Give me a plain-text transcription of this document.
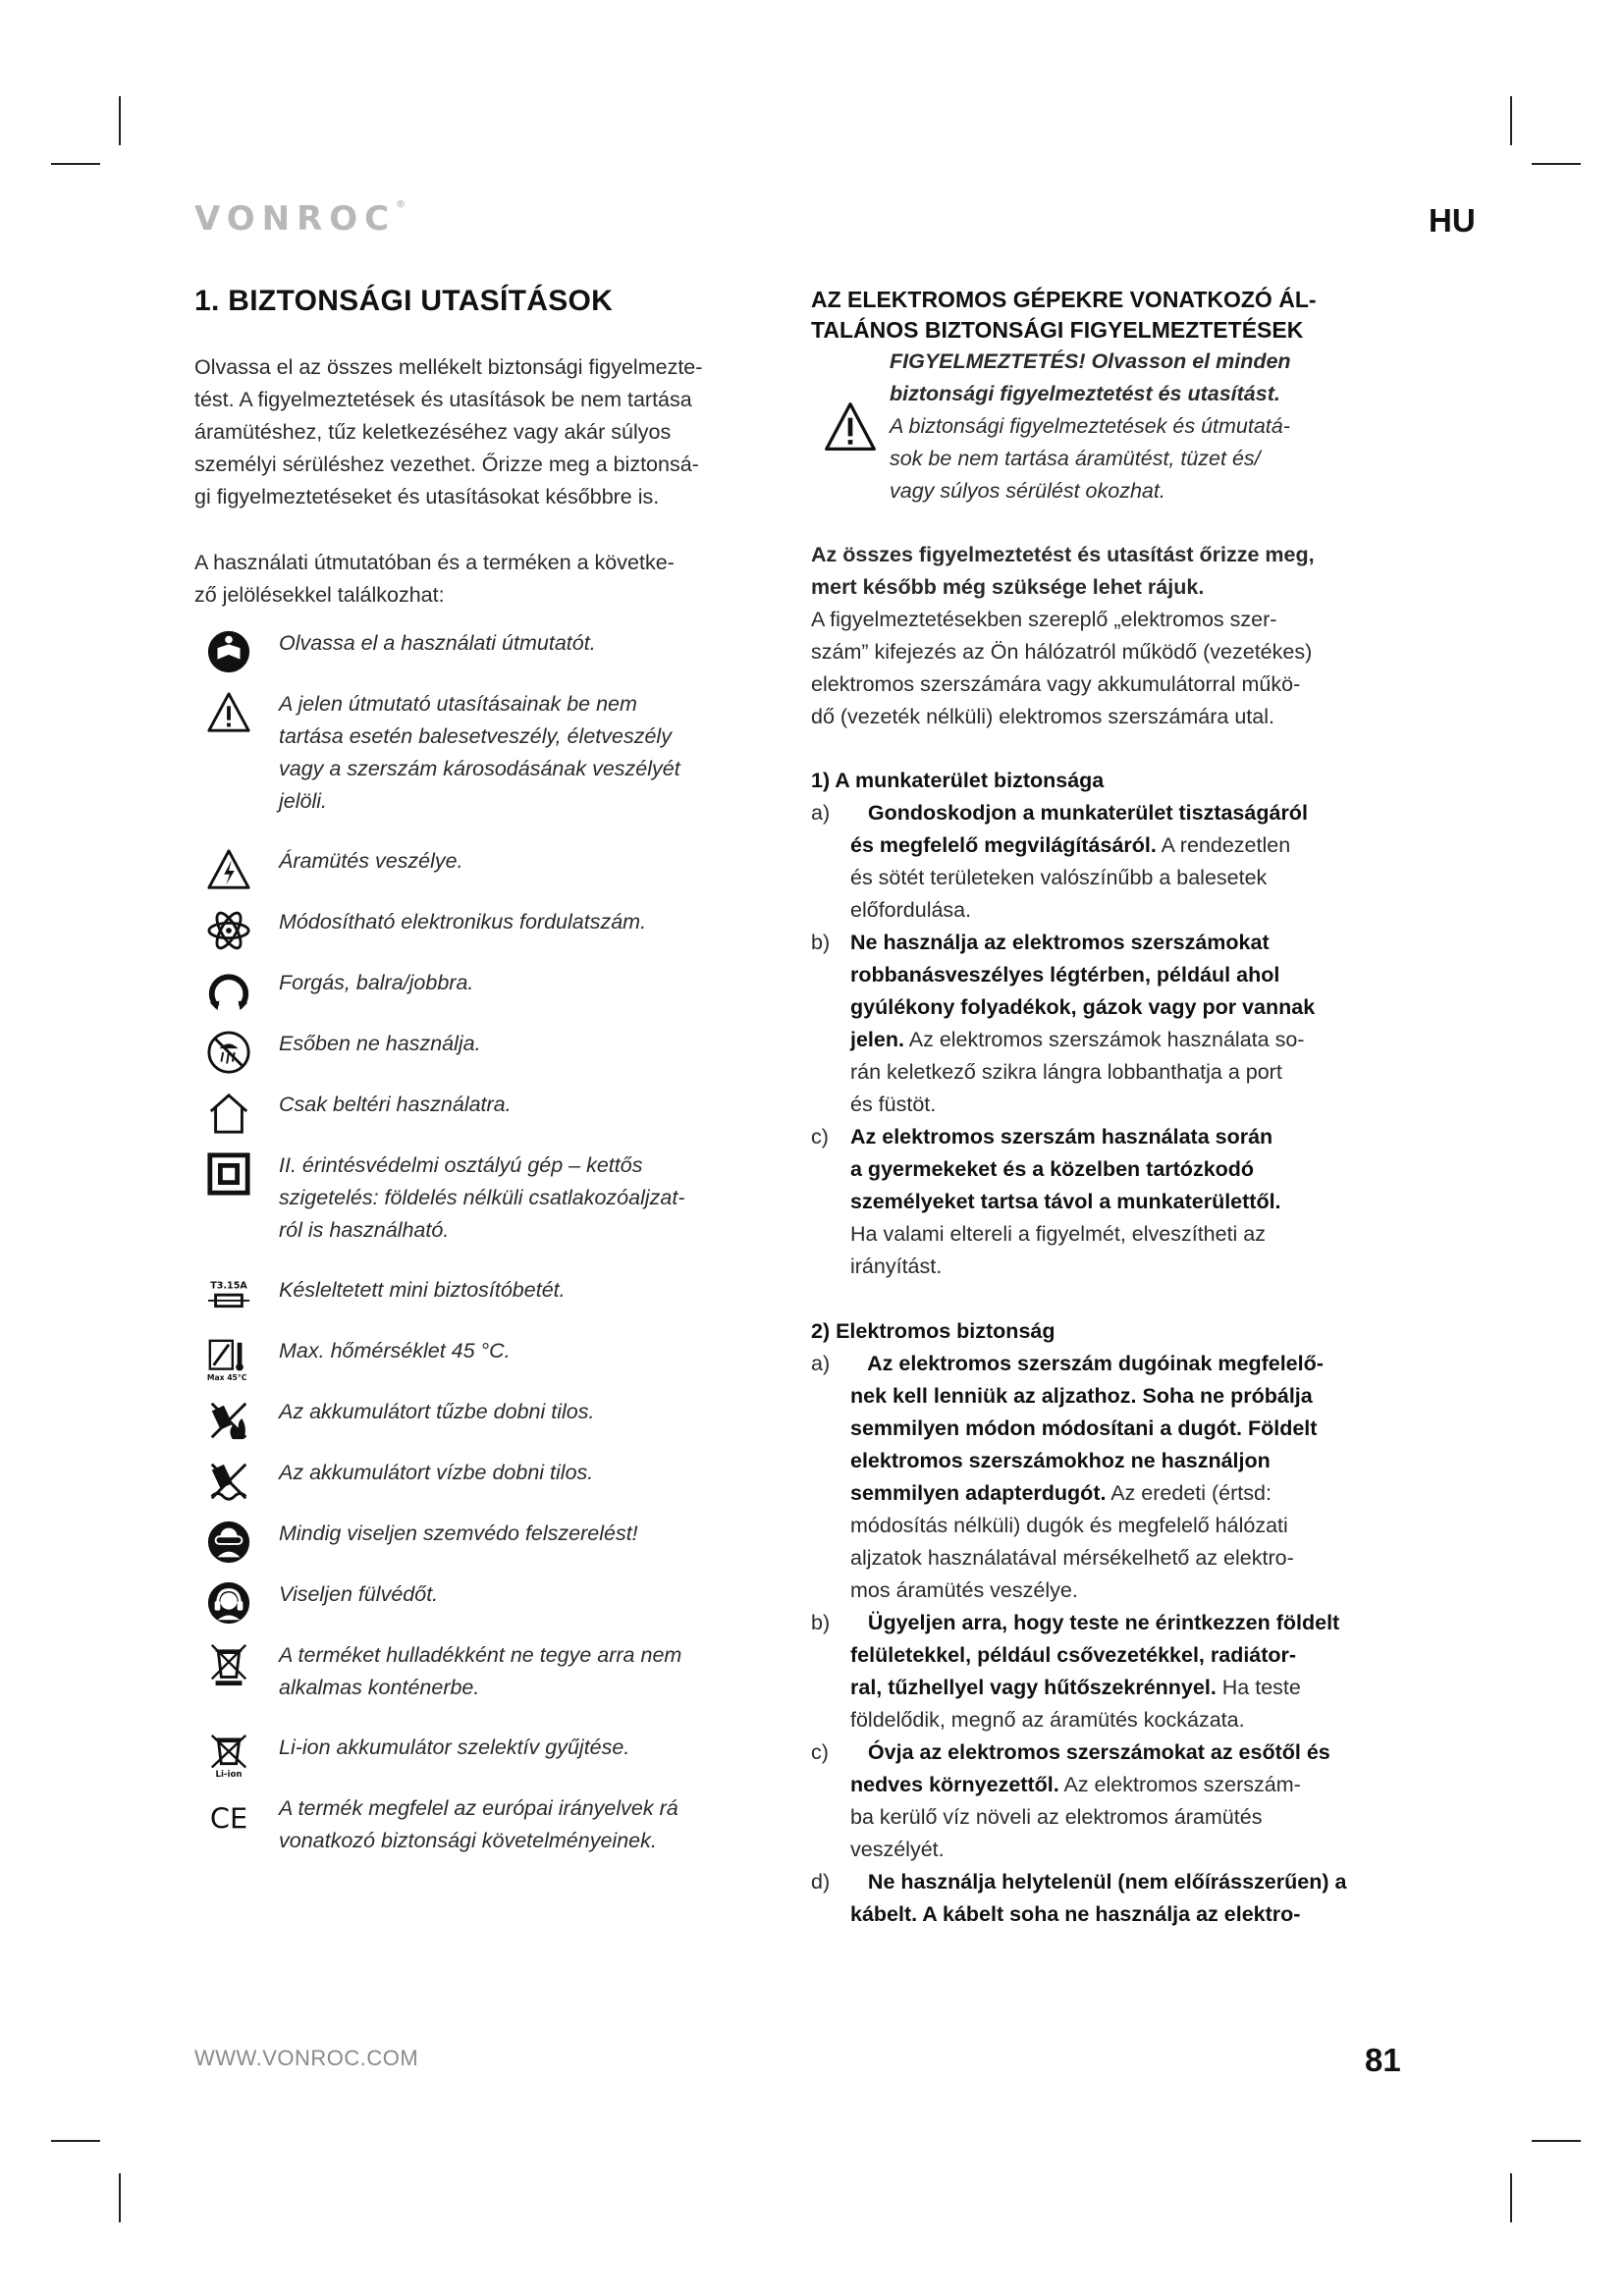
VONROC®	HU
1. BIZTONSÁGI UTASÍTÁSOK
Olvassa el az összes mellékelt biztonsági figyelmezte-
tést. A figyelmeztetések és utasítások be nem tartása
áramütéshez, tűz keletkezéséhez vagy akár súlyos
személyi sérüléshez vezethet. Őrizze meg a biztonsá-
gi figyelmeztetéseket és utasításokat későbbre is.
A használati útmutatóban és a terméken a követke-
ző jelölésekkel találkozhat:
Olvassa el a használati útmutatót.
A jelen útmutató utasításainak be nem
tartása esetén balesetveszély, életveszély
vagy a szerszám károsodásának veszélyét
jelöli.
Áramütés veszélye.
Módosítható elektronikus fordulatszám.
Forgás, balra/jobbra.
Esőben ne használja.
Csak beltéri használatra.
II. érintésvédelmi osztályú gép – kettős
szigetelés: földelés nélküli csatlakozóaljzat-
ról is használható.
T3.15A Késleltetett mini biztosítóbetét.
Max 45°C
Max. hőmérséklet 45 °C.
Az akkumulátort tűzbe dobni tilos.
Az akkumulátort vízbe dobni tilos.
Mindig viseljen szemvédo felszerelést!
Viseljen fülvédőt.
A terméket hulladékként ne tegye arra nem
alkalmas konténerbe.
Li-ion
Li-ion akkumulátor szelektív gyűjtése.
CE A termék megfelel az európai irányelvek rá
vonatkozó biztonsági követelményeinek.
AZ ELEKTROMOS GÉPEKRE VONATKOZÓ ÁL-
TALÁNOS BIZTONSÁGI FIGYELMEZTETÉSEK
FIGYELMEZTETÉS! Olvasson el minden
biztonsági figyelmeztetést és utasítást.
A biztonsági figyelmeztetések és útmutatá-
sok be nem tartása áramütést, tüzet és/
vagy súlyos sérülést okozhat.
Az összes figyelmeztetést és utasítást őrizze meg,
mert később még szüksége lehet rájuk.
A figyelmeztetésekben szereplő „elektromos szer-
szám” kifejezés az Ön hálózatról működő (vezetékes)
elektromos szerszámára vagy akkumulátorral műkö-
dő (vezeték nélküli) elektromos szerszámára utal.
1) A munkaterület biztonsága
a) Gondoskodjon a munkaterület tisztaságáról
és megfelelő megvilágításáról. A rendezetlen
és sötét területeken valószínűbb a balesetek
előfordulása.
b) Ne használja az elektromos szerszámokat
robbanásveszélyes légtérben, például ahol
gyúlékony folyadékok, gázok vagy por vannak
jelen. Az elektromos szerszámok használata so-
rán keletkező szikra lángra lobbanthatja a port
és füstöt.
c)	Az elektromos szerszám használata során
a gyermekeket és a közelben tartózkodó
személyeket tartsa távol a munkaterülettől.
Ha valami elterelі a figyelmét, elveszítheti az
irányítást.
2) Elektromos biztonság
a) Az elektromos szerszám dugóinak megfelelő-
nek kell lenniük az aljzathoz. Soha ne próbálja
semmilyen módon módosítani a dugót. Földelt
elektromos szerszámokhoz ne használjon
semmilyen adapterdugót. Az eredeti (értsd:
módosítás nélküli) dugók és megfelelő hálózati
aljzatok használatával mérsékelhető az elektro-
mos áramütés veszélye.
b) Ügyeljen arra, hogy teste ne érintkezzen földelt
felületekkel, például csővezetékkel, radiátor-
ral, tűzhellyel vagy hűtőszekrénnyel. Ha teste
földelődik, megnő az áramütés kockázata.
c)	Óvja az elektromos szerszámokat az esőtől és
nedves környezettől. Az elektromos szerszám-
ba kerülő víz növeli az elektromos áramütés
veszélyét.
d) Ne használja helytelenül (nem előírásszerűen) a
kábelt. A kábelt soha ne használja az elektro-
WWW.VONROC.COM	81
